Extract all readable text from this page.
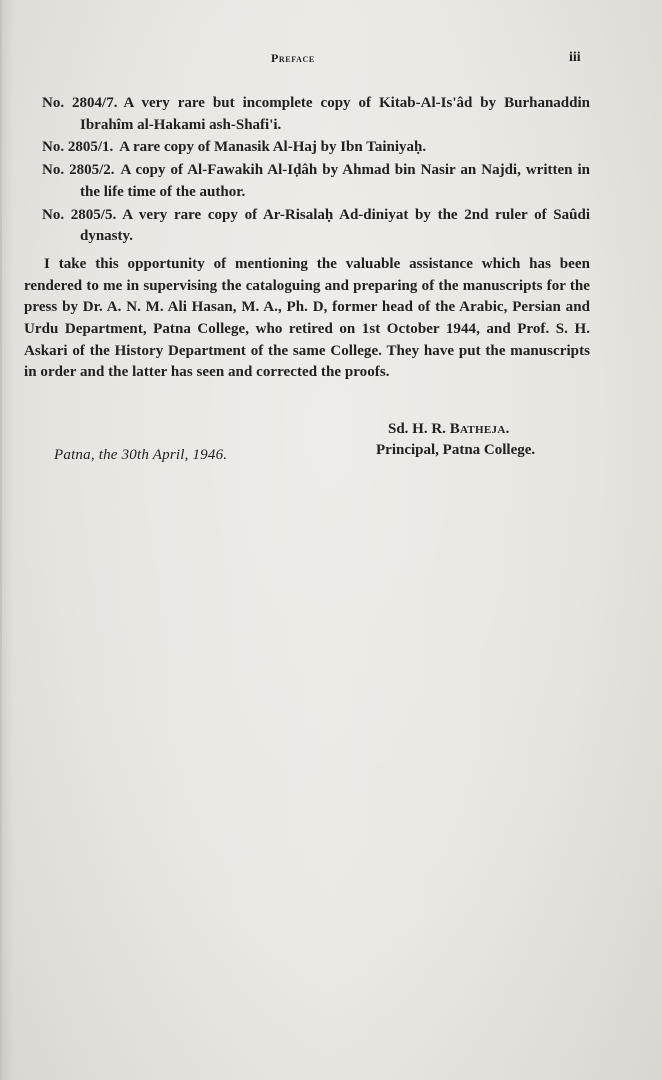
Preface	iii
No. 2804/7. A very rare but incomplete copy of Kitab-Al-Is'âd by Burhanaddin Ibrahîm al-Hakami ash-Shafi'i.
No. 2805/1. A rare copy of Manasik Al-Haj by Ibn Tainiyaḥ.
No. 2805/2. A copy of Al-Fawakih Al-Iḍâh by Ahmad bin Nasir an Najdi, written in the life time of the author.
No. 2805/5. A very rare copy of Ar-Risalaḥ Ad-diniyat by the 2nd ruler of Saûdi dynasty.
I take this opportunity of mentioning the valuable assistance which has been rendered to me in supervising the cataloguing and preparing of the manuscripts for the press by Dr. A. N. M. Ali Hasan, M. A., Ph. D, former head of the Arabic, Persian and Urdu Department, Patna College, who retired on 1st October 1944, and Prof. S. H. Askari of the History Department of the same College. They have put the manuscripts in order and the latter has seen and corrected the proofs.
Patna, the 30th April, 1946.
Sd. H. R. Batheja.
Principal, Patna College.
